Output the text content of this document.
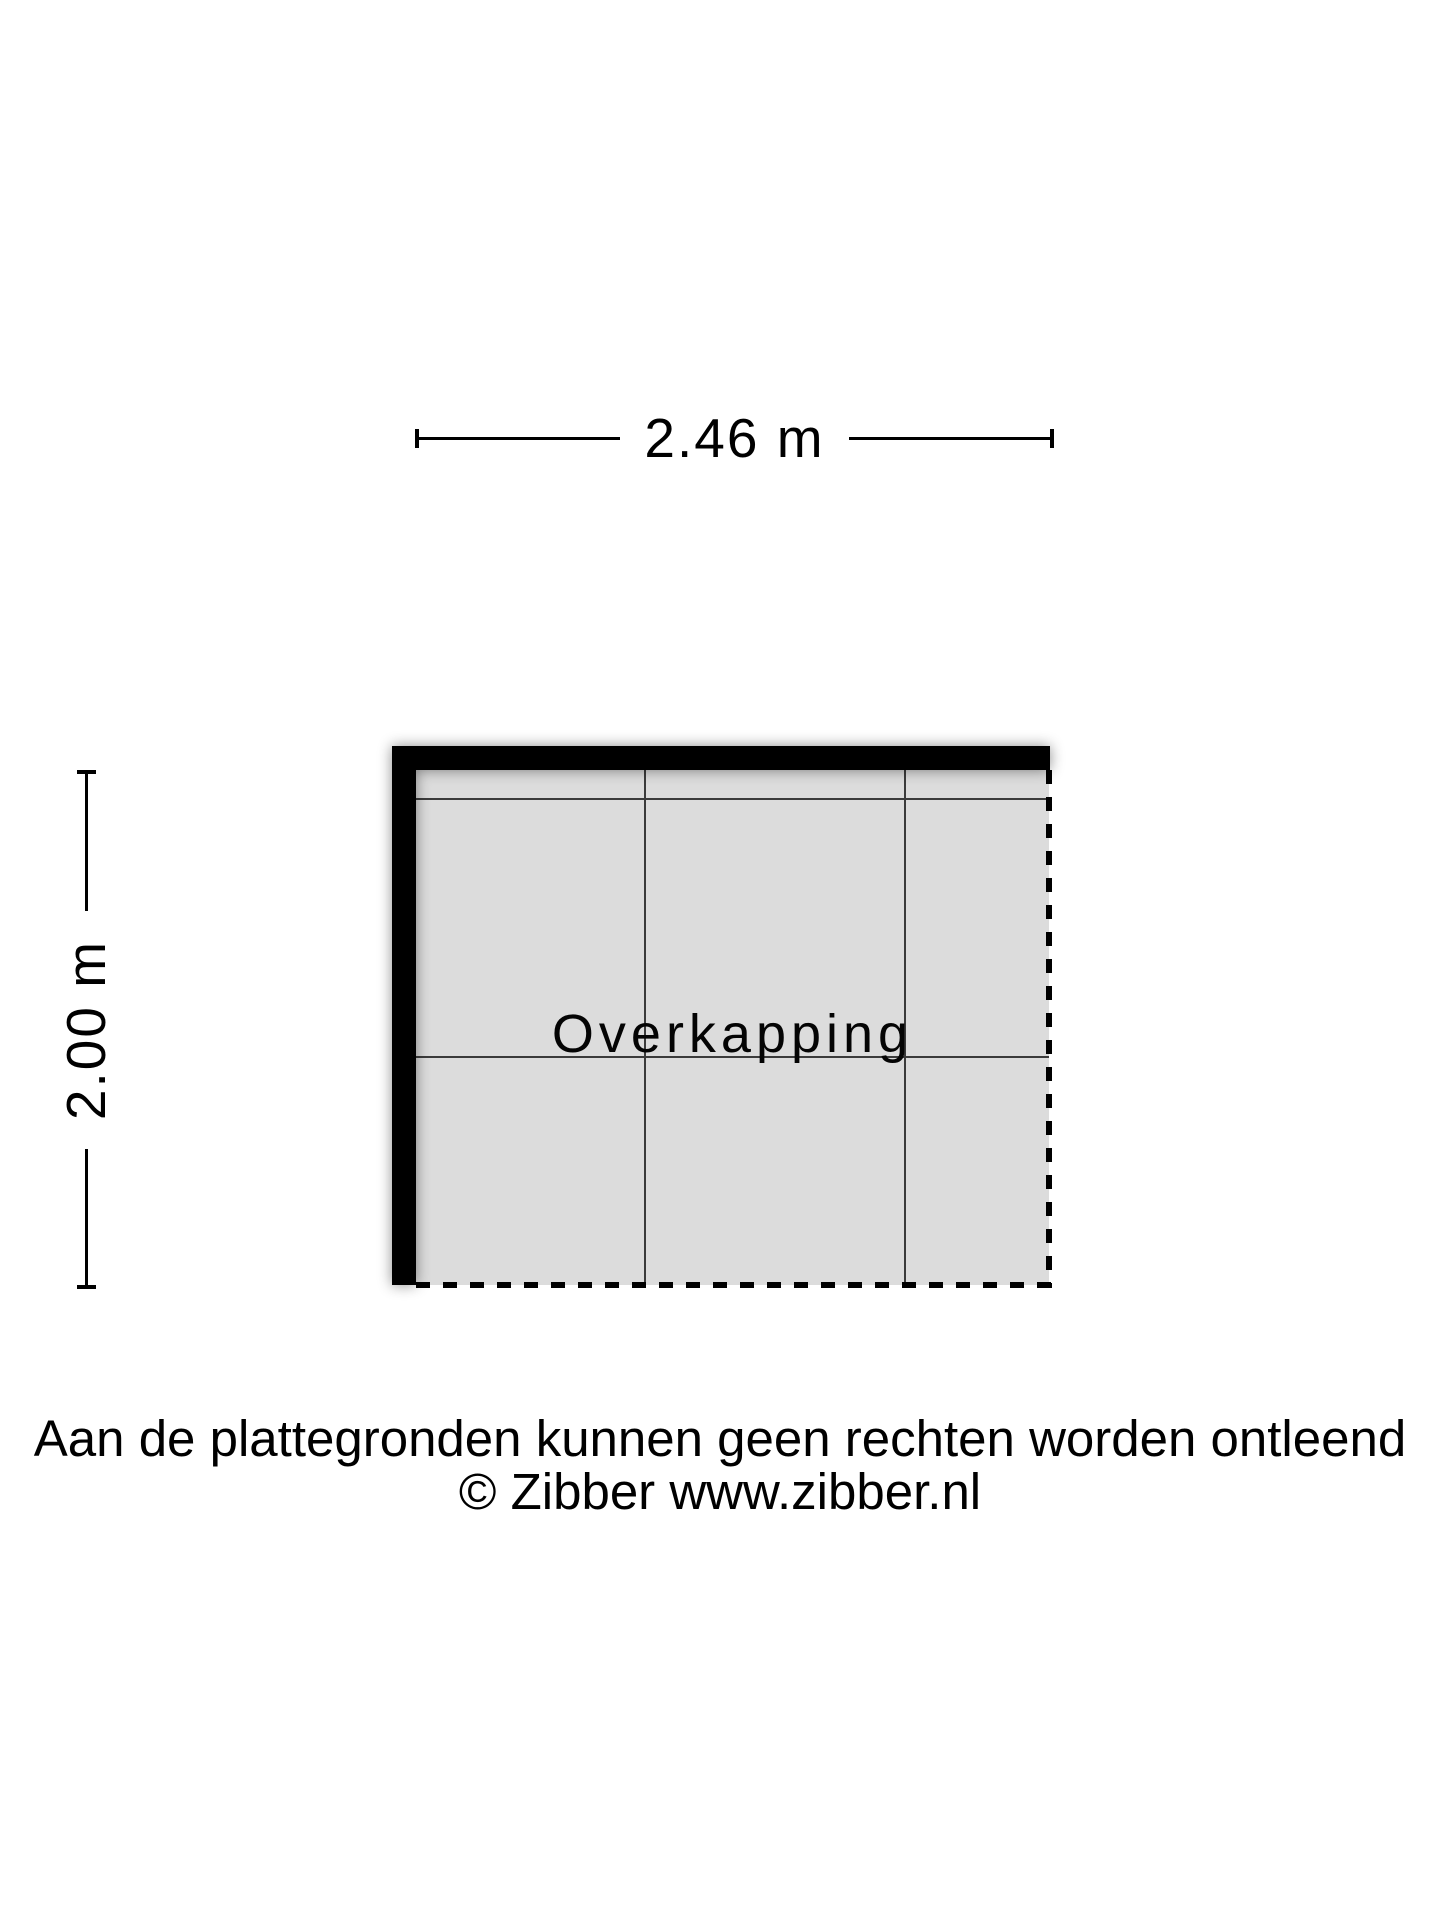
2.46 m
2.00 m	Overkapping
Aan de plattegronden kunnen geen rechten worden ontleend
© Zibber www.zibber.nl
